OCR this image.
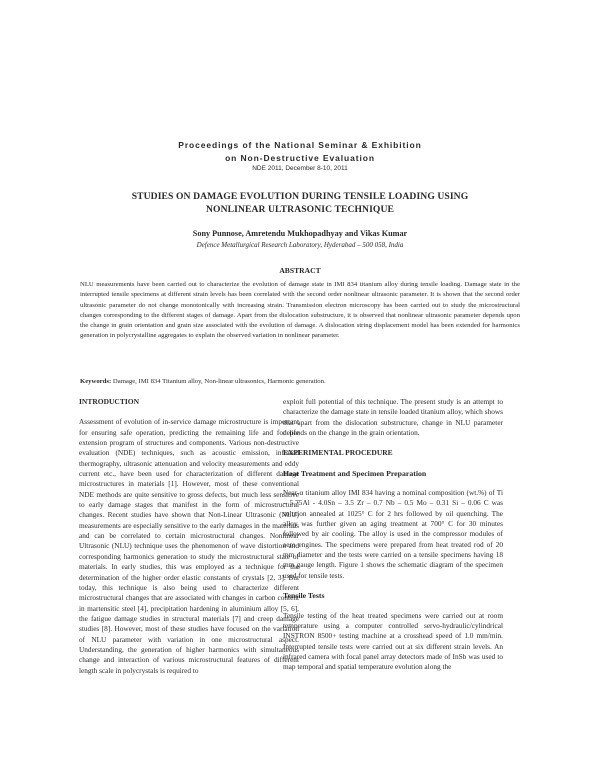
Proceedings of the National Seminar & Exhibition
on Non-Destructive Evaluation
NDE 2011, December 8-10, 2011
STUDIES ON DAMAGE EVOLUTION DURING TENSILE LOADING USING
NONLINEAR ULTRASONIC TECHNIQUE
Sony Punnose, Amretendu Mukhopadhyay and Vikas Kumar
Defence Metallurgical Research Laboratory, Hyderabad – 500 058, India
ABSTRACT

NLU measurements have been carried out to characterize the evolution of damage state in IMI 834 titanium alloy during tensile loading. Damage state in the interrupted tensile specimens at different strain levels has been correlated with the second order nonlinear ultrasonic parameter. It is shown that the second order ultrasonic parameter do not change monotonically with increasing strain. Transmission electron microscopy has been carried out to study the microstructural changes corresponding to the different stages of damage. Apart from the dislocation substructure, it is observed that nonlinear ultrasonic parameter depends upon the change in grain orientation and grain size associated with the evolution of damage. A dislocation string displacement model has been extended for harmonics generation in polycrystalline aggregates to explain the observed variation in nonlinear parameter.

Keywords: Damage, IMI 834 Titanium alloy, Non-linear ultrasonics, Harmonic generation.

INTRODUCTION

Assessment of evolution of in-service damage microstructure is important for ensuring safe operation, predicting the remaining life and for life extension program of structures and components. Various non-destructive evaluation (NDE) techniques, such as acoustic emission, infrared thermography, ultrasonic attenuation and velocity measurements and eddy current etc., have been used for characterization of different damage microstructures in materials [1]. However, most of these conventional NDE methods are quite sensitive to gross defects, but much less sensitive to early damage stages that manifest in the form of microstructural changes. Recent studies have shown that Non-Linear Ultrasonic (NLU) measurements are especially sensitive to the early damages in the materials and can be correlated to certain microstructural changes. Nonlinear Ultrasonic (NLU) technique uses the phenomenon of wave distortion and corresponding harmonics generation to study the microstructural state of materials. In early studies, this was employed as a technique for the determination of the higher order elastic constants of crystals [2, 3]. But today, this technique is also being used to characterize different microstructural changes that are associated with changes in carbon content in martensitic steel [4], precipitation hardening in aluminium alloy [5, 6], the fatigue damage studies in structural materials [7] and creep damage studies [8]. However, most of these studies have focused on the variation of NLU parameter with variation in one microstructural aspect. Understanding, the generation of higher harmonics with simultaneous change and interaction of various microstructural features of different length scale in polycrystals is required to

exploit full potential of this technique. The present study is an attempt to characterize the damage state in tensile loaded titanium alloy, which shows that apart from the dislocation substructure, change in NLU parameter depends on the change in the grain orientation.

EXPERIMENTAL PROCEDURE
Heat Treatment and Specimen Preparation

Near-α titanium alloy IMI 834 having a nominal composition (wt.%) of Ti – 5.75Al - 4.0Sn – 3.5 Zr – 0.7 Nb – 0.5 Mo – 0.31 Si – 0.06 C was solution annealed at 1025° C for 2 hrs followed by oil quenching. The alloy was further given an aging treatment at 700° C for 30 minutes followed by air cooling. The alloy is used in the compressor modules of aero engines. The specimens were prepared from heat treated rod of 20 mm diameter and the tests were carried on a tensile specimens having 18 mm gauge length. Figure 1 shows the schematic diagram of the specimen used for tensile tests.

Tensile Tests

Tensile testing of the heat treated specimens were carried out at room temperature using a computer controlled servo-hydraulic/cylindrical INSTRON 8500+ testing machine at a crosshead speed of 1.0 mm/min. Interrupted tensile tests were carried out at six different strain levels. An infrared camera with focal panel array detectors made of InSb was used to map temporal and spatial temperature evolution along the
